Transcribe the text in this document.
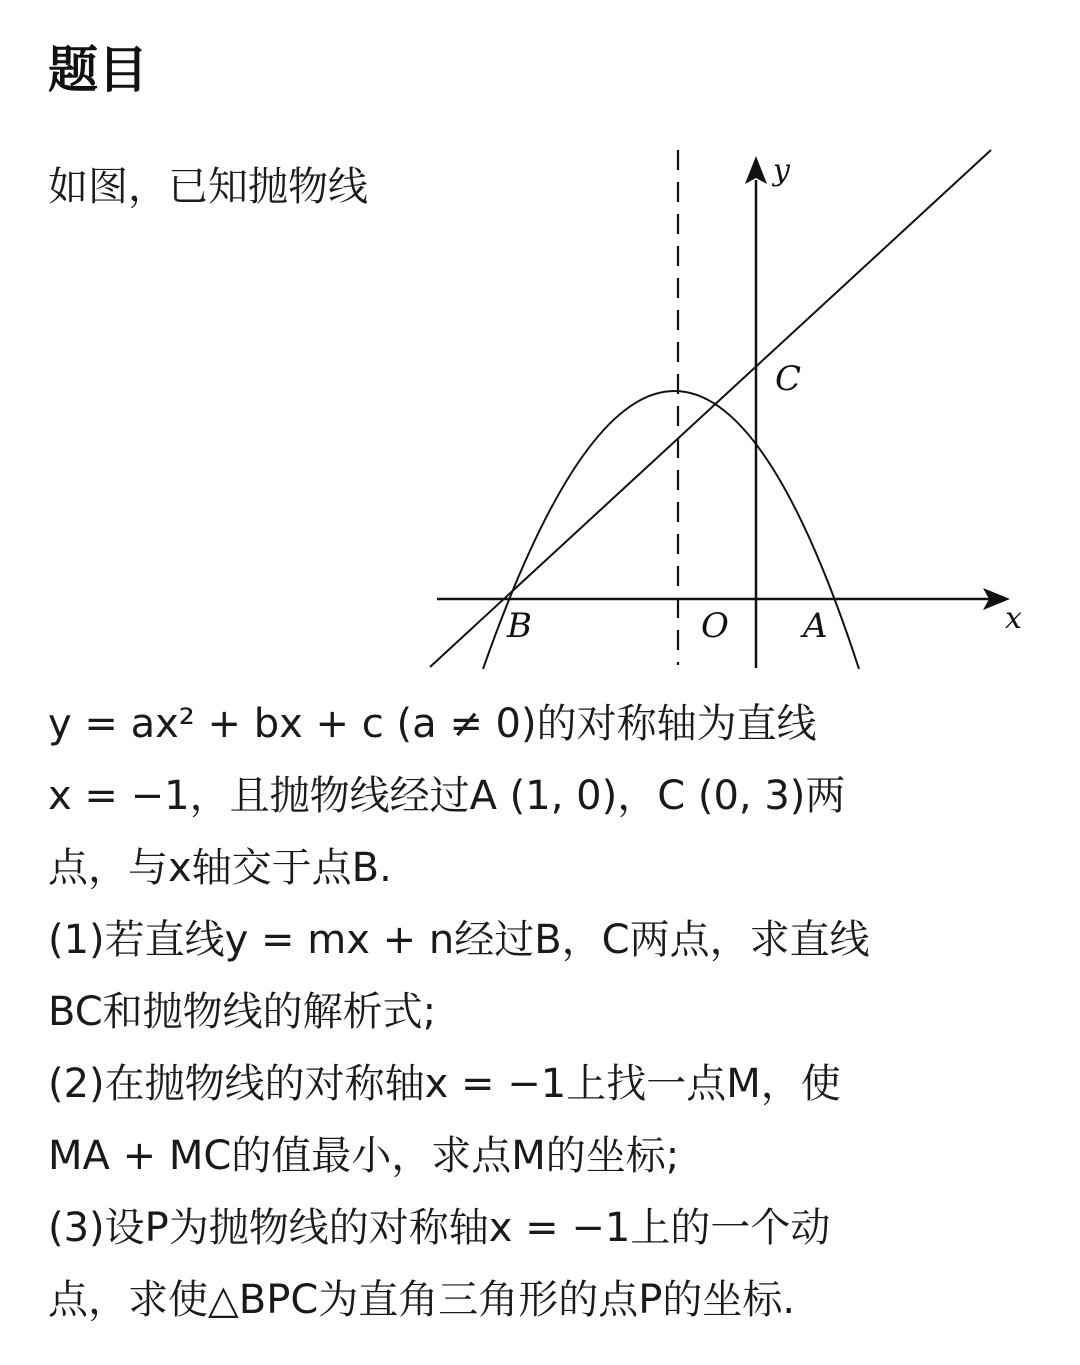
题目
如图，已知抛物线	y
x
C
B	O A
y = ax² + bx + c (a ≠ 0)的对称轴为直线
x = −1，且抛物线经过A (1, 0)，C (0, 3)两
点，与x轴交于点B.
(1)若直线y = mx + n经过B，C两点，求直线
BC和抛物线的解析式;
(2)在抛物线的对称轴x = −1上找一点M，使
MA + MC的值最小，求点M的坐标;
(3)设P为抛物线的对称轴x = −1上的一个动
点，求使△BPC为直角三角形的点P的坐标.
